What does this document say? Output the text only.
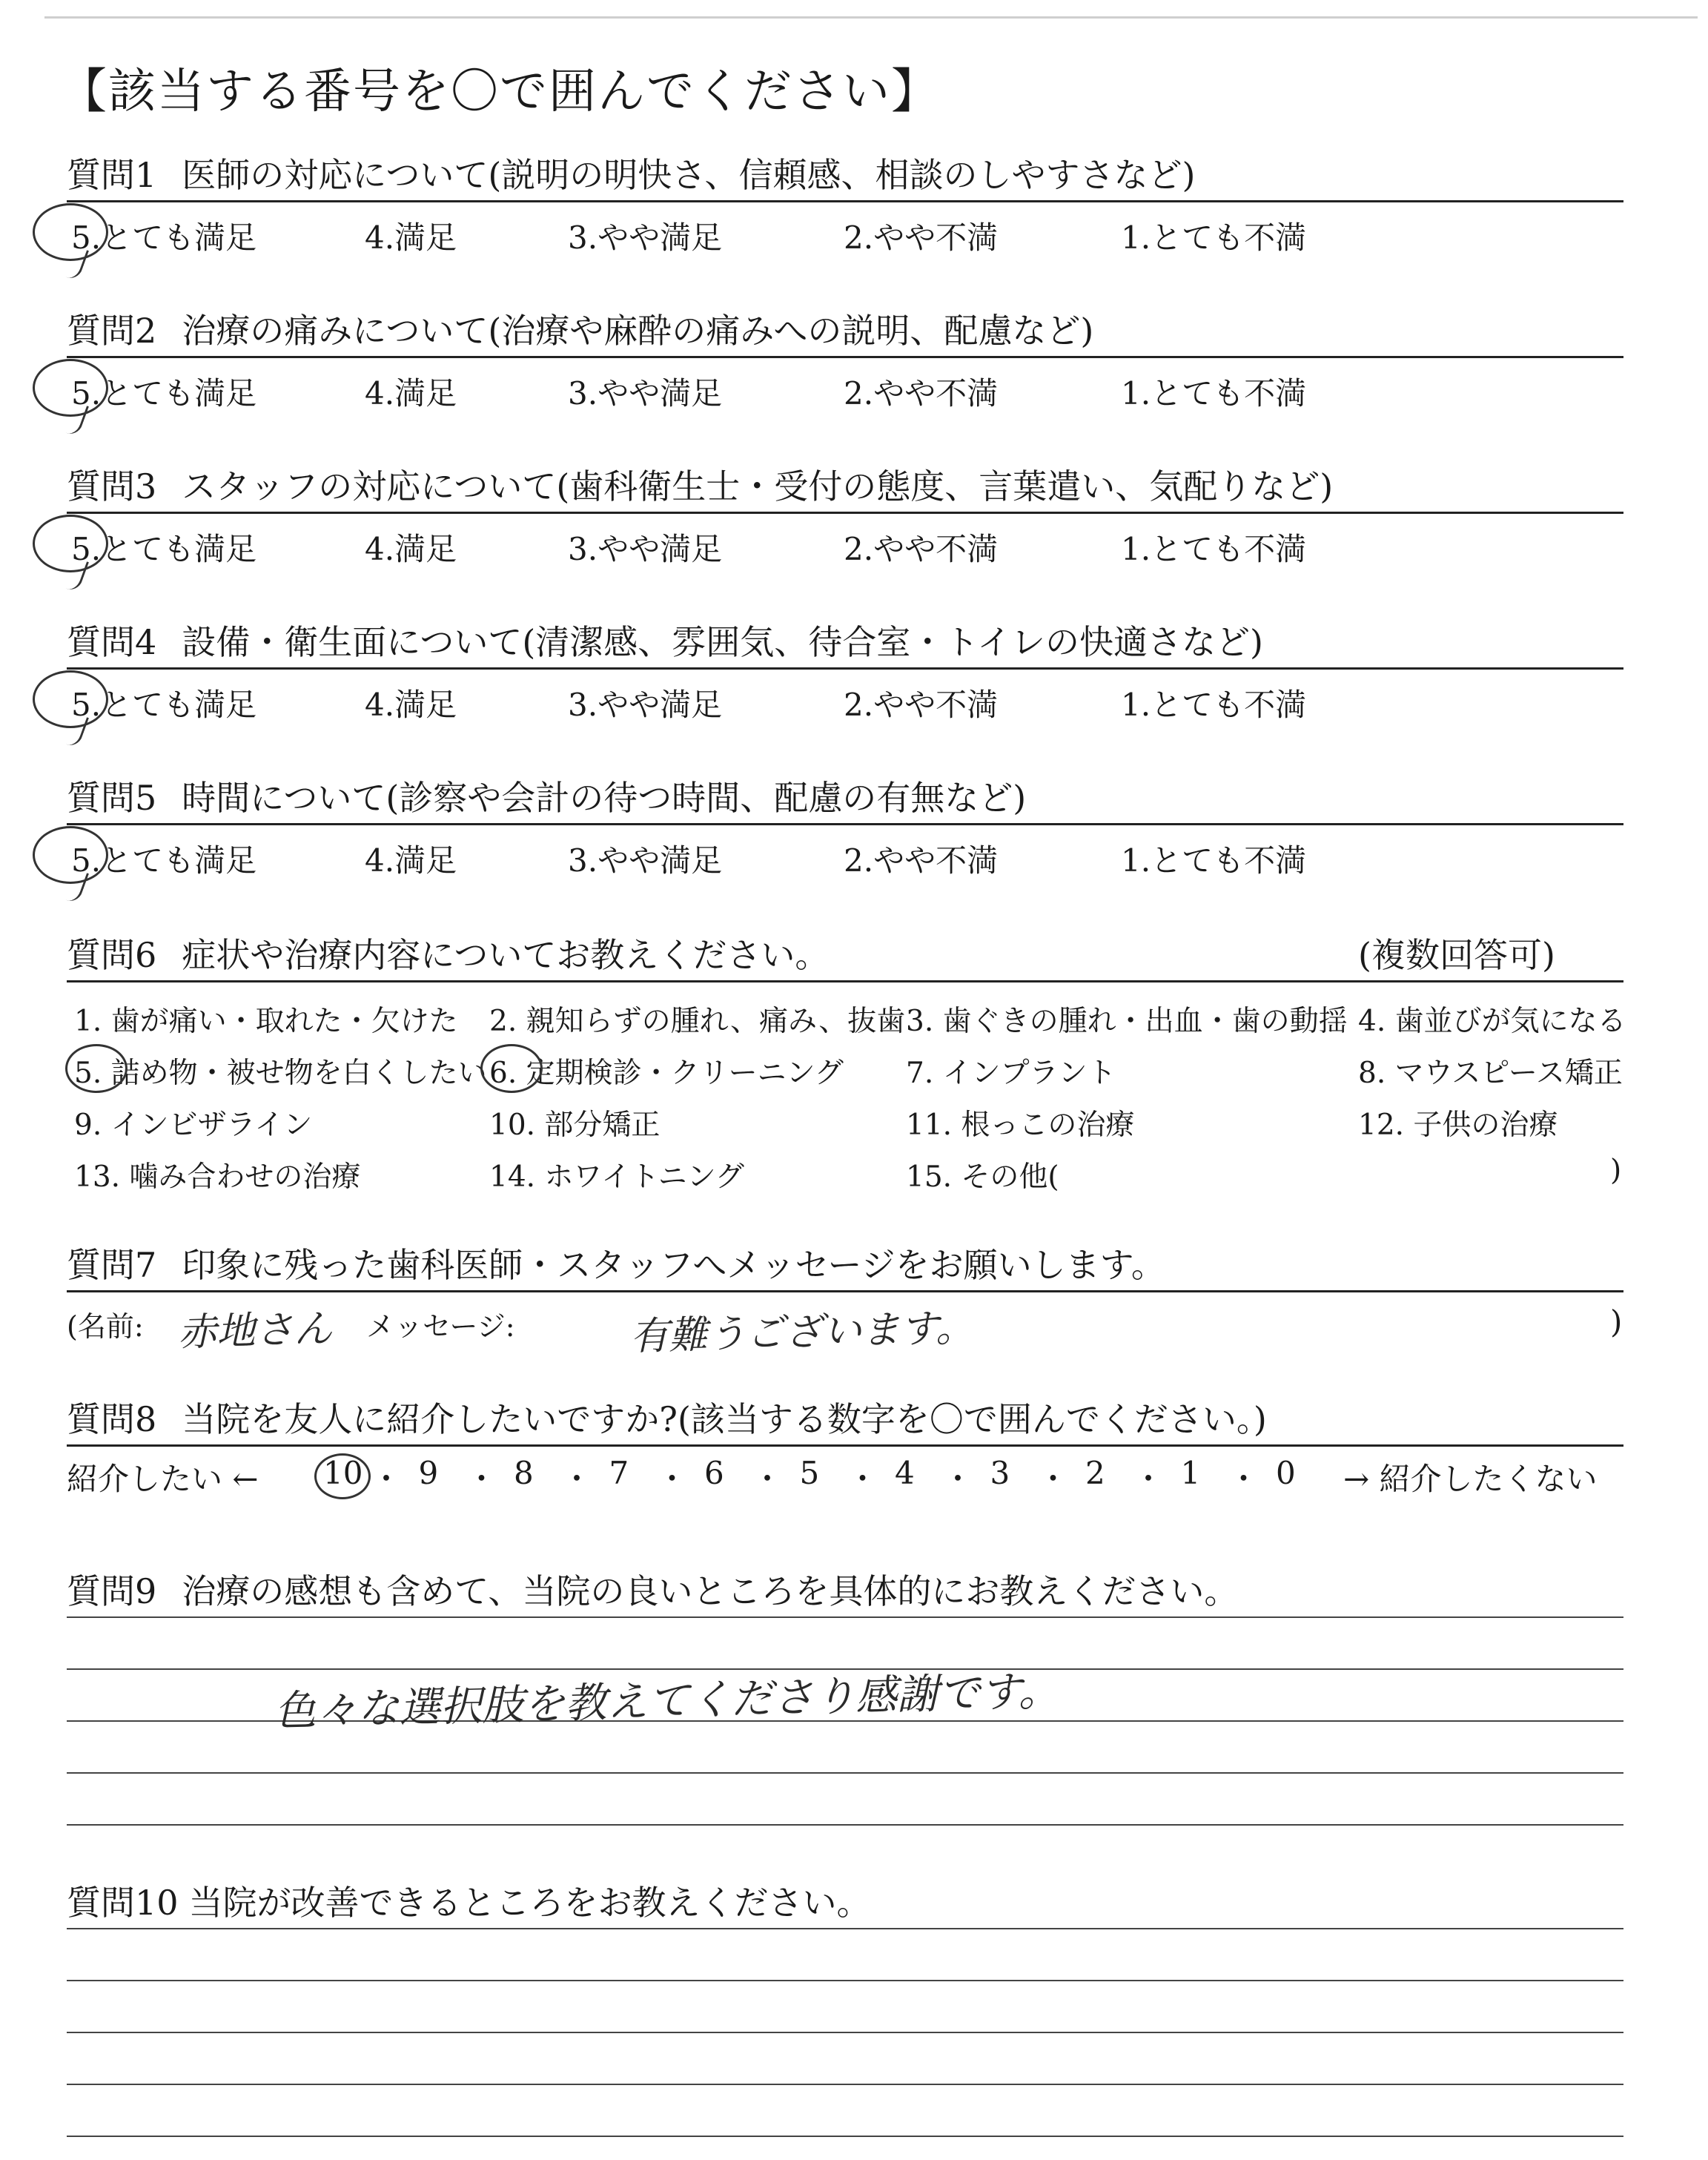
【該当する番号を〇で囲んでください】
質問1 医師の対応について(説明の明快さ、信頼感、相談のしやすさなど)
5.とても満足	4.満足	3.やや満足	2.やや不満	1.とても不満
質問2 治療の痛みについて(治療や麻酔の痛みへの説明、配慮など)
5.とても満足	4.満足	3.やや満足	2.やや不満	1.とても不満
質問3 スタッフの対応について(歯科衛生士・受付の態度、言葉遣い、気配りなど)
5.とても満足	4.満足	3.やや満足	2.やや不満	1.とても不満
質問4 設備・衛生面について(清潔感、雰囲気、待合室・トイレの快適さなど)
5.とても満足	4.満足	3.やや満足	2.やや不満	1.とても不満
質問5 時間について(診察や会計の待つ時間、配慮の有無など)
5.とても満足	4.満足	3.やや満足	2.やや不満	1.とても不満
質問6 症状や治療内容についてお教えください。	(複数回答可)
1. 歯が痛い・取れた・欠けた 2. 親知らずの腫れ、痛み、抜歯 3. 歯ぐきの腫れ・出血・歯の動揺 4. 歯並びが気になる
5. 詰め物・被せ物を白くしたい 6. 定期検診・クリーニング 7. インプラント	8. マウスピース矯正
9. インビザライン	10. 部分矯正	11. 根っこの治療	12. 子供の治療
13. 噛み合わせの治療	14. ホワイトニング	15. その他(	)
質問7 印象に残った歯科医師・スタッフへメッセージをお願いします。
(名前: 赤地さん メッセージ:	有難うございます。	)
質問8 当院を友人に紹介したいですか?(該当する数字を〇で囲んでください。)
紹介したい ← 10 ・ 9 ・ 8 ・ 7 ・ 6 ・ 5 ・ 4 ・ 3 ・ 2 ・ 1 ・ 0 → 紹介したくない
質問9 治療の感想も含めて、当院の良いところを具体的にお教えください。
色々な選択肢を教えてくださり感謝です。
質問10 当院が改善できるところをお教えください。
